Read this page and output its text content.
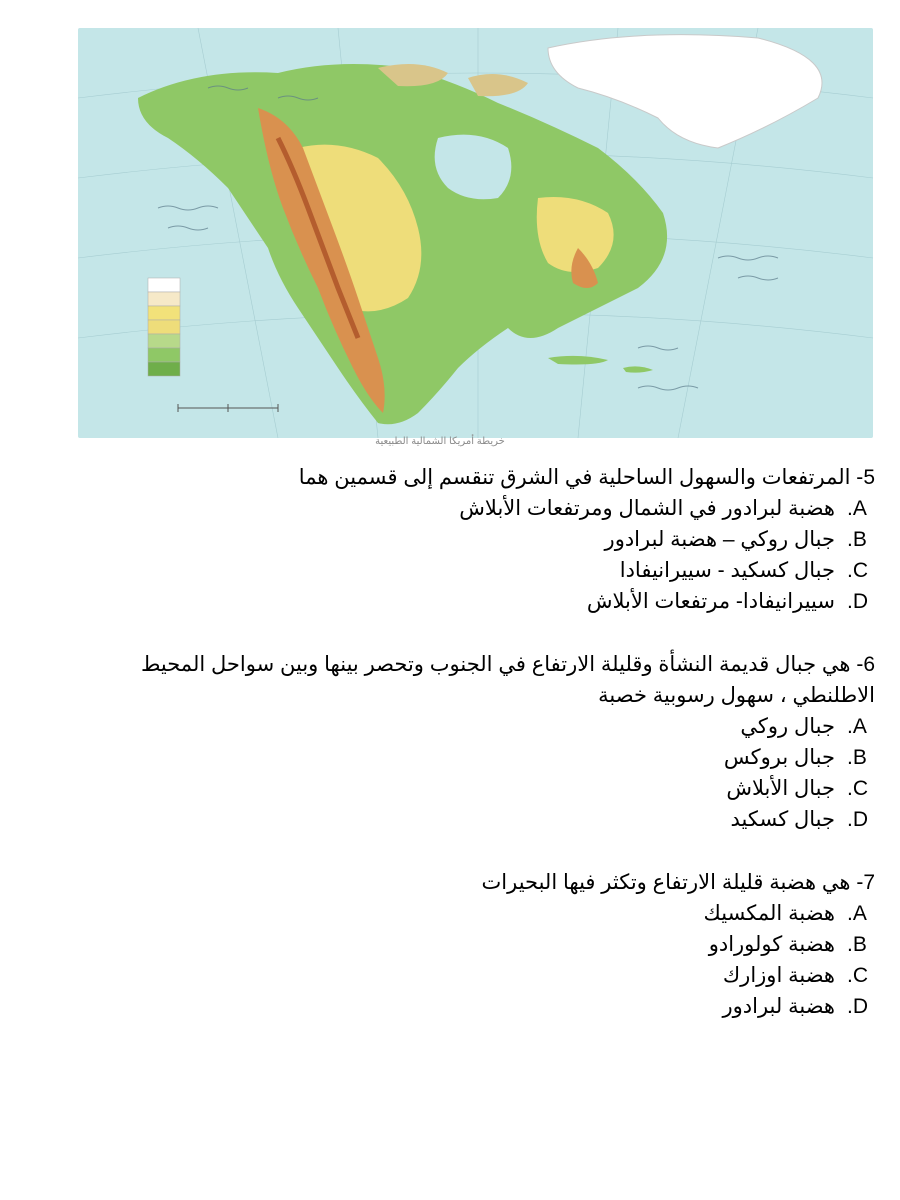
خريطة أمريكا الشمالية الطبيعية
5- المرتفعات والسهول الساحلية في الشرق تنقسم إلى قسمين هما
A.هضبة لبرادور في الشمال ومرتفعات الأبلاش
B.جبال روكي – هضبة لبرادور
C.جبال كسكيد - سييرانيفادا
D.سييرانيفادا- مرتفعات الأبلاش
6- هي جبال قديمة النشأة وقليلة الارتفاع في الجنوب وتحصر بينها وبين سواحل المحيط الاطلنطي ، سهول رسوبية خصبة
A.جبال روكي
B.جبال بروكس
C.جبال الأبلاش
D.جبال كسكيد
7- هي هضبة قليلة الارتفاع وتكثر فيها البحيرات
A.هضبة المكسيك
B.هضبة كولورادو
C.هضبة اوزارك
D.هضبة لبرادور
